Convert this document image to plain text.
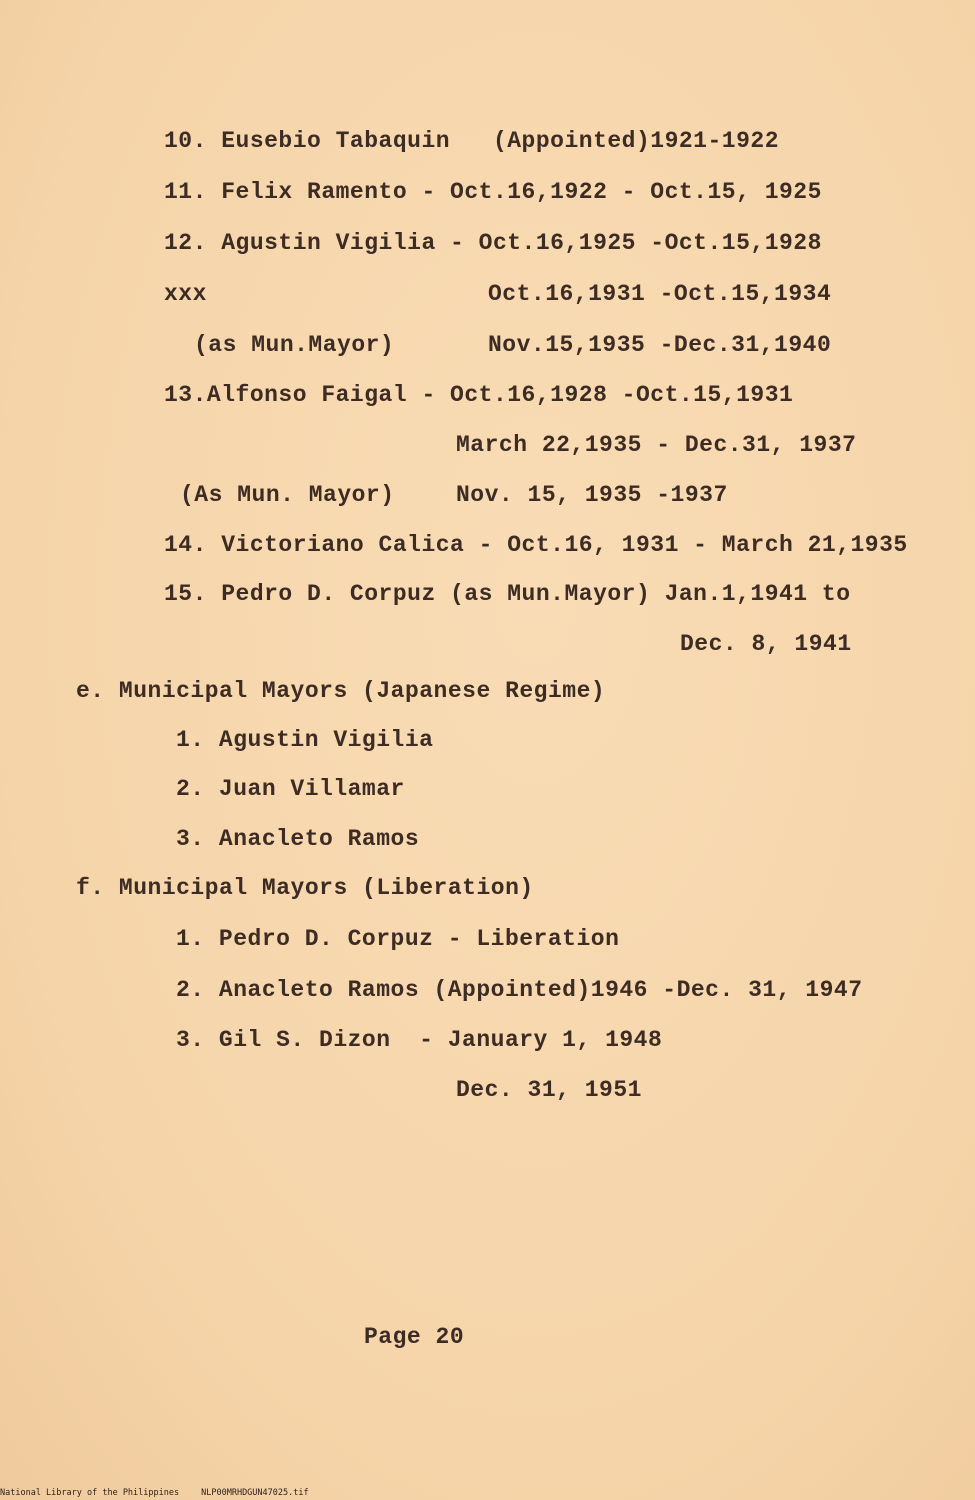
10. Eusebio Tabaquin   (Appointed)1921-1922
11. Felix Ramento - Oct.16,1922 - Oct.15, 1925
12. Agustin Vigilia - Oct.16,1925 -Oct.15,1928
xxx	Oct.16,1931 -Oct.15,1934
(as Mun.Mayor)	Nov.15,1935 -Dec.31,1940
13.Alfonso Faigal - Oct.16,1928 -Oct.15,1931
March 22,1935 - Dec.31, 1937
(As Mun. Mayor)	Nov. 15, 1935 -1937
14. Victoriano Calica - Oct.16, 1931 - March 21,1935
15. Pedro D. Corpuz (as Mun.Mayor) Jan.1,1941 to
Dec. 8, 1941
e. Municipal Mayors (Japanese Regime)
1. Agustin Vigilia
2. Juan Villamar
3. Anacleto Ramos
f. Municipal Mayors (Liberation)
1. Pedro D. Corpuz - Liberation
2. Anacleto Ramos (Appointed)1946 -Dec. 31, 1947
3. Gil S. Dizon  - January 1, 1948
Dec. 31, 1951
Page 20
National Library of the Philippines	NLP00MRHDGUN47025.tif
